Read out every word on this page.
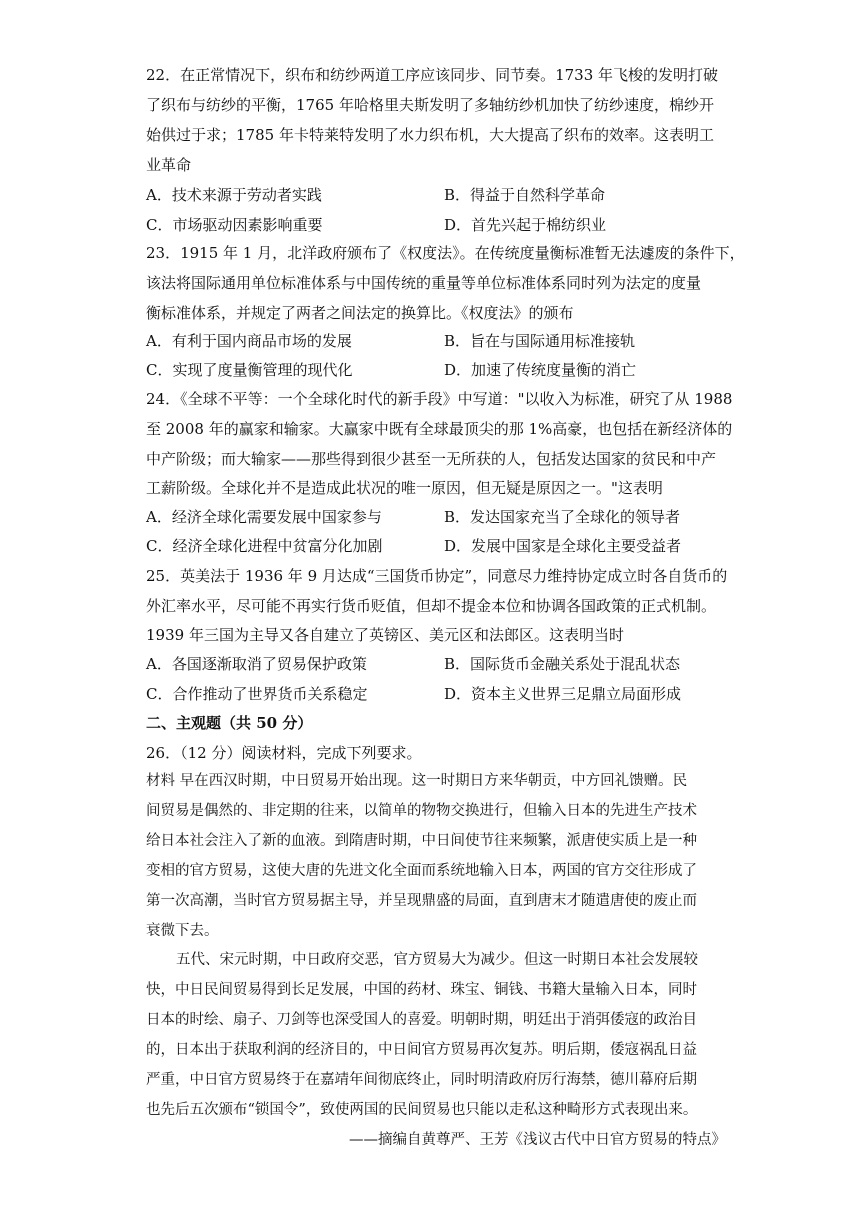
22．在正常情况下，织布和纺纱两道工序应该同步、同节奏。1733 年飞梭的发明打破
了织布与纺纱的平衡，1765 年哈格里夫斯发明了多轴纺纱机加快了纺纱速度，棉纱开
始供过于求；1785 年卡特莱特发明了水力织布机，大大提高了织布的效率。这表明工
业革命
A．技术来源于劳动者实践	B．得益于自然科学革命
C．市场驱动因素影响重要	D．首先兴起于棉纺织业
23．1915 年 1 月，北洋政府颁布了《权度法》。在传统度量衡标准暂无法遽废的条件下，
该法将国际通用单位标准体系与中国传统的重量等单位标准体系同时列为法定的度量
衡标准体系，并规定了两者之间法定的换算比。《权度法》的颁布
A．有利于国内商品市场的发展	B．旨在与国际通用标准接轨
C．实现了度量衡管理的现代化	D．加速了传统度量衡的消亡
24．《全球不平等：一个全球化时代的新手段》中写道："以收入为标准，研究了从 1988
至 2008 年的赢家和输家。大赢家中既有全球最顶尖的那 1%高豪，也包括在新经济体的
中产阶级；而大输家——那些得到很少甚至一无所获的人，包括发达国家的贫民和中产
工薪阶级。全球化并不是造成此状况的唯一原因，但无疑是原因之一。"这表明
A．经济全球化需要发展中国家参与	B．发达国家充当了全球化的领导者
C．经济全球化进程中贫富分化加剧	D．发展中国家是全球化主要受益者
25．英美法于 1936 年 9 月达成“三国货币协定”，同意尽力维持协定成立时各自货币的
外汇率水平，尽可能不再实行货币贬值，但却不提金本位和协调各国政策的正式机制。
1939 年三国为主导又各自建立了英镑区、美元区和法郎区。这表明当时
A．各国逐渐取消了贸易保护政策	B．国际货币金融关系处于混乱状态
C．合作推动了世界货币关系稳定	D．资本主义世界三足鼎立局面形成
二、主观题（共 50 分）
26．（12 分）阅读材料，完成下列要求。
材料 早在西汉时期，中日贸易开始出现。这一时期日方来华朝贡，中方回礼馈赠。民
间贸易是偶然的、非定期的往来，以简单的物物交换进行，但输入日本的先进生产技术
给日本社会注入了新的血液。到隋唐时期，中日间使节往来频繁，派唐使实质上是一种
变相的官方贸易，这使大唐的先进文化全面而系统地输入日本，两国的官方交往形成了
第一次高潮，当时官方贸易据主导，并呈现鼎盛的局面，直到唐末才随遣唐使的废止而
衰微下去。
五代、宋元时期，中日政府交恶，官方贸易大为减少。但这一时期日本社会发展较
快，中日民间贸易得到长足发展，中国的药材、珠宝、铜钱、书籍大量输入日本，同时
日本的时绘、扇子、刀剑等也深受国人的喜爱。明朝时期，明廷出于消弭倭寇的政治目
的，日本出于获取利润的经济目的，中日间官方贸易再次复苏。明后期，倭寇祸乱日益
严重，中日官方贸易终于在嘉靖年间彻底终止，同时明清政府厉行海禁，德川幕府后期
也先后五次颁布“锁国令”，致使两国的民间贸易也只能以走私这种畸形方式表现出来。
——摘编自黄尊严、王芳《浅议古代中日官方贸易的特点》
